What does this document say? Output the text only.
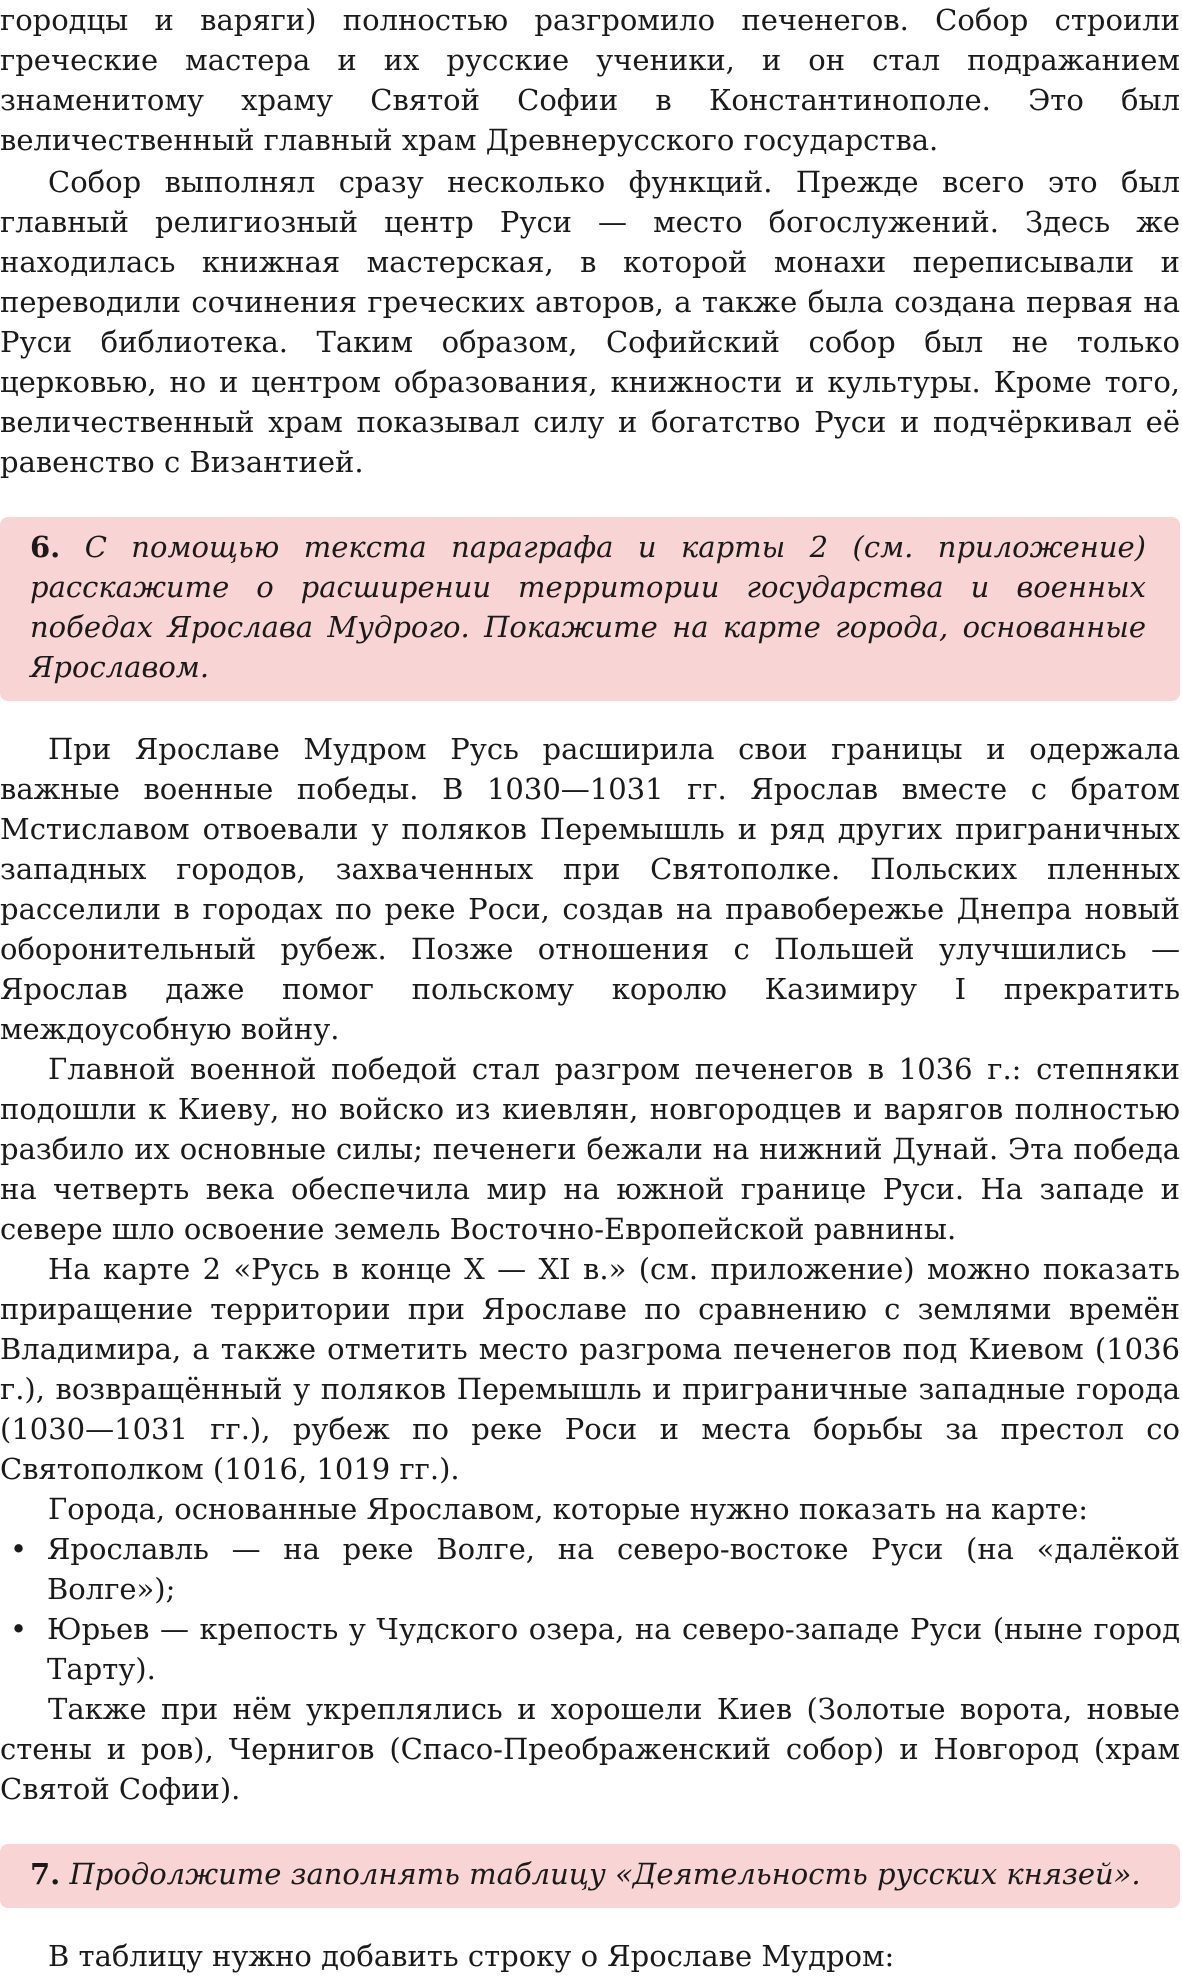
городцы и варяги) полностью разгромило печенегов. Собор строили греческие мастера и их русские ученики, и он стал подражанием знаменитому храму Святой Софии в Константинополе. Это был величественный главный храм Древнерусского государства.

Собор выполнял сразу несколько функций. Прежде всего это был главный религиозный центр Руси — место богослужений. Здесь же находилась книжная мастерская, в которой монахи переписывали и переводили сочинения греческих авторов, а также была создана первая на Руси библиотека. Таким образом, Софийский собор был не только церковью, но и центром образования, книжности и культуры. Кроме того, величественный храм показывал силу и богатство Руси и подчёркивал её равенство с Византией.

6. С помощью текста параграфа и карты 2 (см. приложение) расскажите о расширении территории государства и военных победах Ярослава Мудрого. Покажите на карте города, основанные Ярославом.

При Ярославе Мудром Русь расширила свои границы и одержала важные военные победы. В 1030—1031 гг. Ярослав вместе с братом Мстиславом отвоевали у поляков Перемышль и ряд других приграничных западных городов, захваченных при Святополке. Польских пленных расселили в городах по реке Роси, создав на правобережье Днепра новый оборонительный рубеж. Позже отношения с Польшей улучшились — Ярослав даже помог польскому королю Казимиру I прекратить междоусобную войну.

Главной военной победой стал разгром печенегов в 1036 г.: степняки подошли к Киеву, но войско из киевлян, новгородцев и варягов полностью разбило их основные силы; печенеги бежали на нижний Дунай. Эта победа на четверть века обеспечила мир на южной границе Руси. На западе и севере шло освоение земель Восточно-Европейской равнины.

На карте 2 «Русь в конце X — XI в.» (см. приложение) можно показать приращение территории при Ярославе по сравнению с землями времён Владимира, а также отметить место разгрома печенегов под Киевом (1036 г.), возвращённый у поляков Перемышль и приграничные западные города (1030—1031 гг.), рубеж по реке Роси и места борьбы за престол со Святополком (1016, 1019 гг.).

Города, основанные Ярославом, которые нужно показать на карте:

• Ярославль — на реке Волге, на северо-востоке Руси (на «далёкой Волге»);
• Юрьев — крепость у Чудского озера, на северо-западе Руси (ныне город Тарту).

Также при нём укреплялись и хорошели Киев (Золотые ворота, новые стены и ров), Чернигов (Спасо-Преображенский собор) и Новгород (храм Святой Софии).

7. Продолжите заполнять таблицу «Деятельность русских князей».

В таблицу нужно добавить строку о Ярославе Мудром:
